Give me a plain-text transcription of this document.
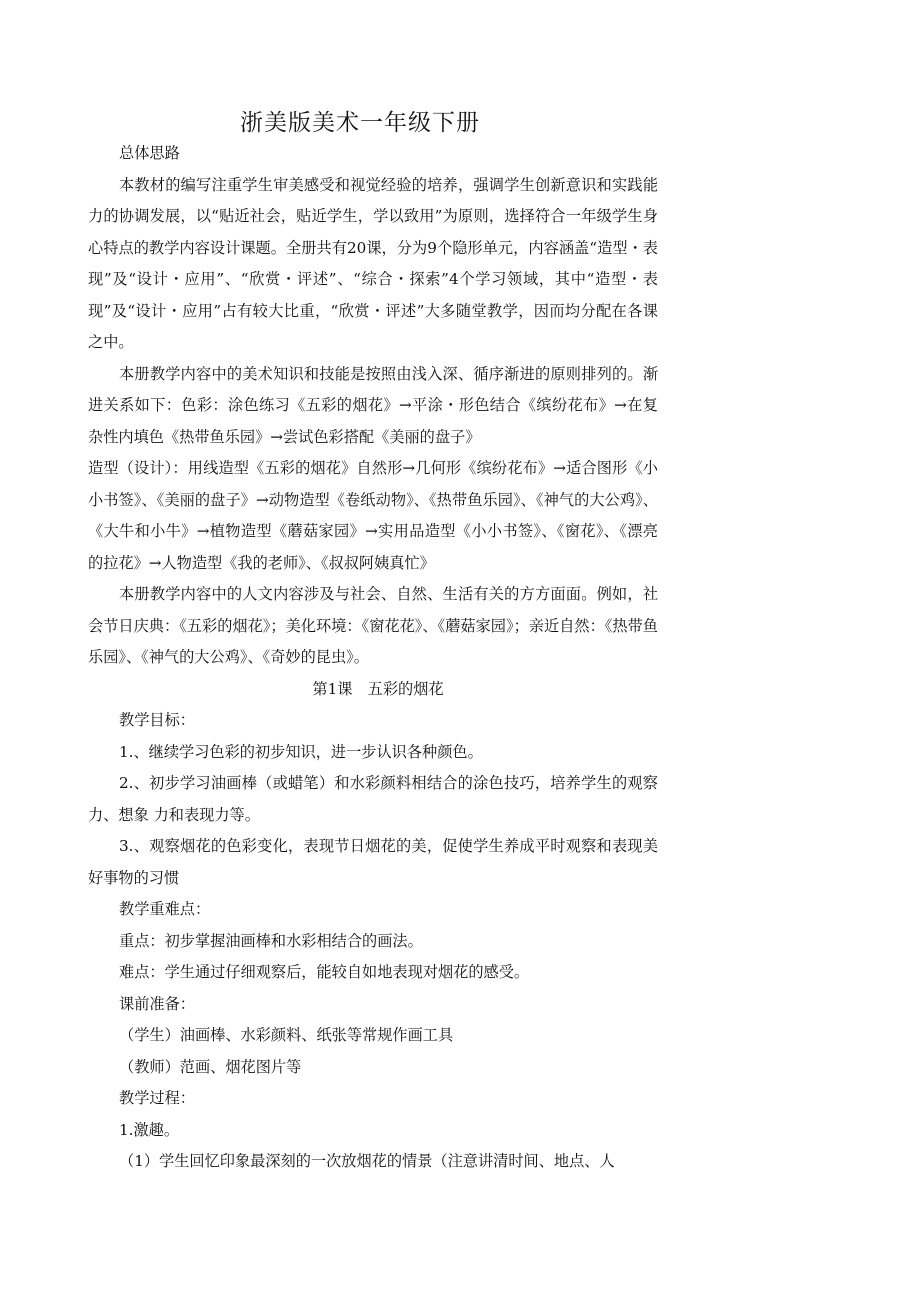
浙美版美术一年级下册

总体思路

本教材的编写注重学生审美感受和视觉经验的培养，强调学生创新意识和实践能力的协调发展，以“贴近社会，贴近学生，学以致用”为原则，选择符合一年级学生身心特点的教学内容设计课题。全册共有20课，分为9个隐形单元，内容涵盖“造型・表现”及“设计・应用”、“欣赏・评述”、“综合・探索”4个学习领域，其中“造型・表现”及“设计・应用”占有较大比重，“欣赏・评述”大多随堂教学，因而均分配在各课之中。

本册教学内容中的美术知识和技能是按照由浅入深、循序渐进的原则排列的。渐进关系如下：色彩：涂色练习《五彩的烟花》→平涂・形色结合《缤纷花布》→在复杂性内填色《热带鱼乐园》→尝试色彩搭配《美丽的盘子》

造型（设计）：用线造型《五彩的烟花》自然形→几何形《缤纷花布》→适合图形《小小书签》、《美丽的盘子》→动物造型《卷纸动物》、《热带鱼乐园》、《神气的大公鸡》、《大牛和小牛》→植物造型《蘑菇家园》→实用品造型《小小书签》、《窗花》、《漂亮的拉花》→人物造型《我的老师》、《叔叔阿姨真忙》

本册教学内容中的人文内容涉及与社会、自然、生活有关的方方面面。例如，社会节日庆典：《五彩的烟花》；美化环境：《窗花花》、《蘑菇家园》；亲近自然：《热带鱼乐园》、《神气的大公鸡》、《奇妙的昆虫》。

第1课　五彩的烟花

教学目标：

1.、继续学习色彩的初步知识，进一步认识各种颜色。

2.、初步学习油画棒（或蜡笔）和水彩颜料相结合的涂色技巧，培养学生的观察力、想象 力和表现力等。

3.、观察烟花的色彩变化，表现节日烟花的美，促使学生养成平时观察和表现美好事物的习惯

教学重难点：

重点：初步掌握油画棒和水彩相结合的画法。

难点：学生通过仔细观察后，能较自如地表现对烟花的感受。

课前准备：

（学生）油画棒、水彩颜料、纸张等常规作画工具

（教师）范画、烟花图片等

教学过程：

1.激趣。

（1）学生回忆印象最深刻的一次放烟花的情景（注意讲清时间、地点、人
